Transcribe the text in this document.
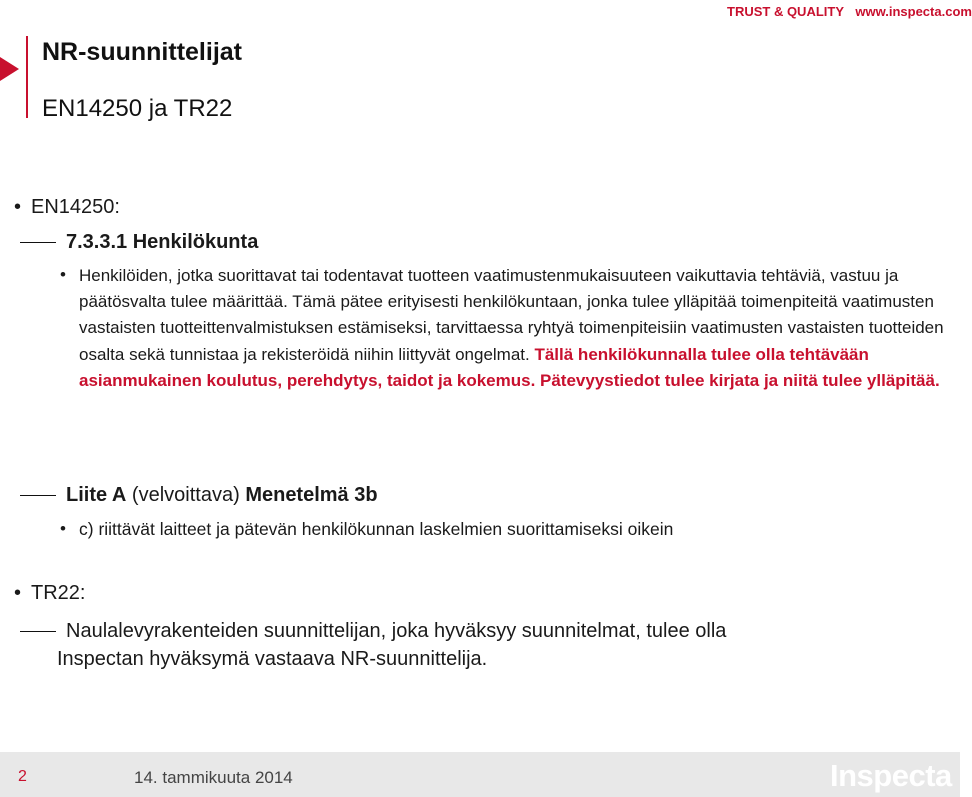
TRUST & QUALITY www.inspecta.com
NR-suunnittelijat
EN14250 ja TR22
• EN14250:
7.3.3.1 Henkilökunta
• Henkilöiden, jotka suorittavat tai todentavat tuotteen vaatimustenmukaisuuteen vaikuttavia tehtäviä, vastuu ja päätösvalta tulee määrittää. Tämä pätee erityisesti henkilökuntaan, jonka tulee ylläpitää toimenpiteitä vaatimusten vastaisten tuotteittenvalmistuksen estämiseksi, tarvittaessa ryhtyä toimenpiteisiin vaatimusten vastaisten tuotteiden osalta sekä tunnistaa ja rekisteröidä niihin liittyvät ongelmat. Tällä henkilökunnalla tulee olla tehtävään asianmukainen koulutus, perehdytys, taidot ja kokemus. Pätevyystiedot tulee kirjata ja niitä tulee ylläpitää.
Liite A (velvoittava) Menetelmä 3b
• c) riittävät laitteet ja pätevän henkilökunnan laskelmien suorittamiseksi oikein
• TR22:
Naulalevyrakenteiden suunnittelijan, joka hyväksyy suunnitelmat, tulee olla
Inspectan hyväksymä vastaava NR-suunnittelija.
2	14. tammikuuta 2014	Inspecta
